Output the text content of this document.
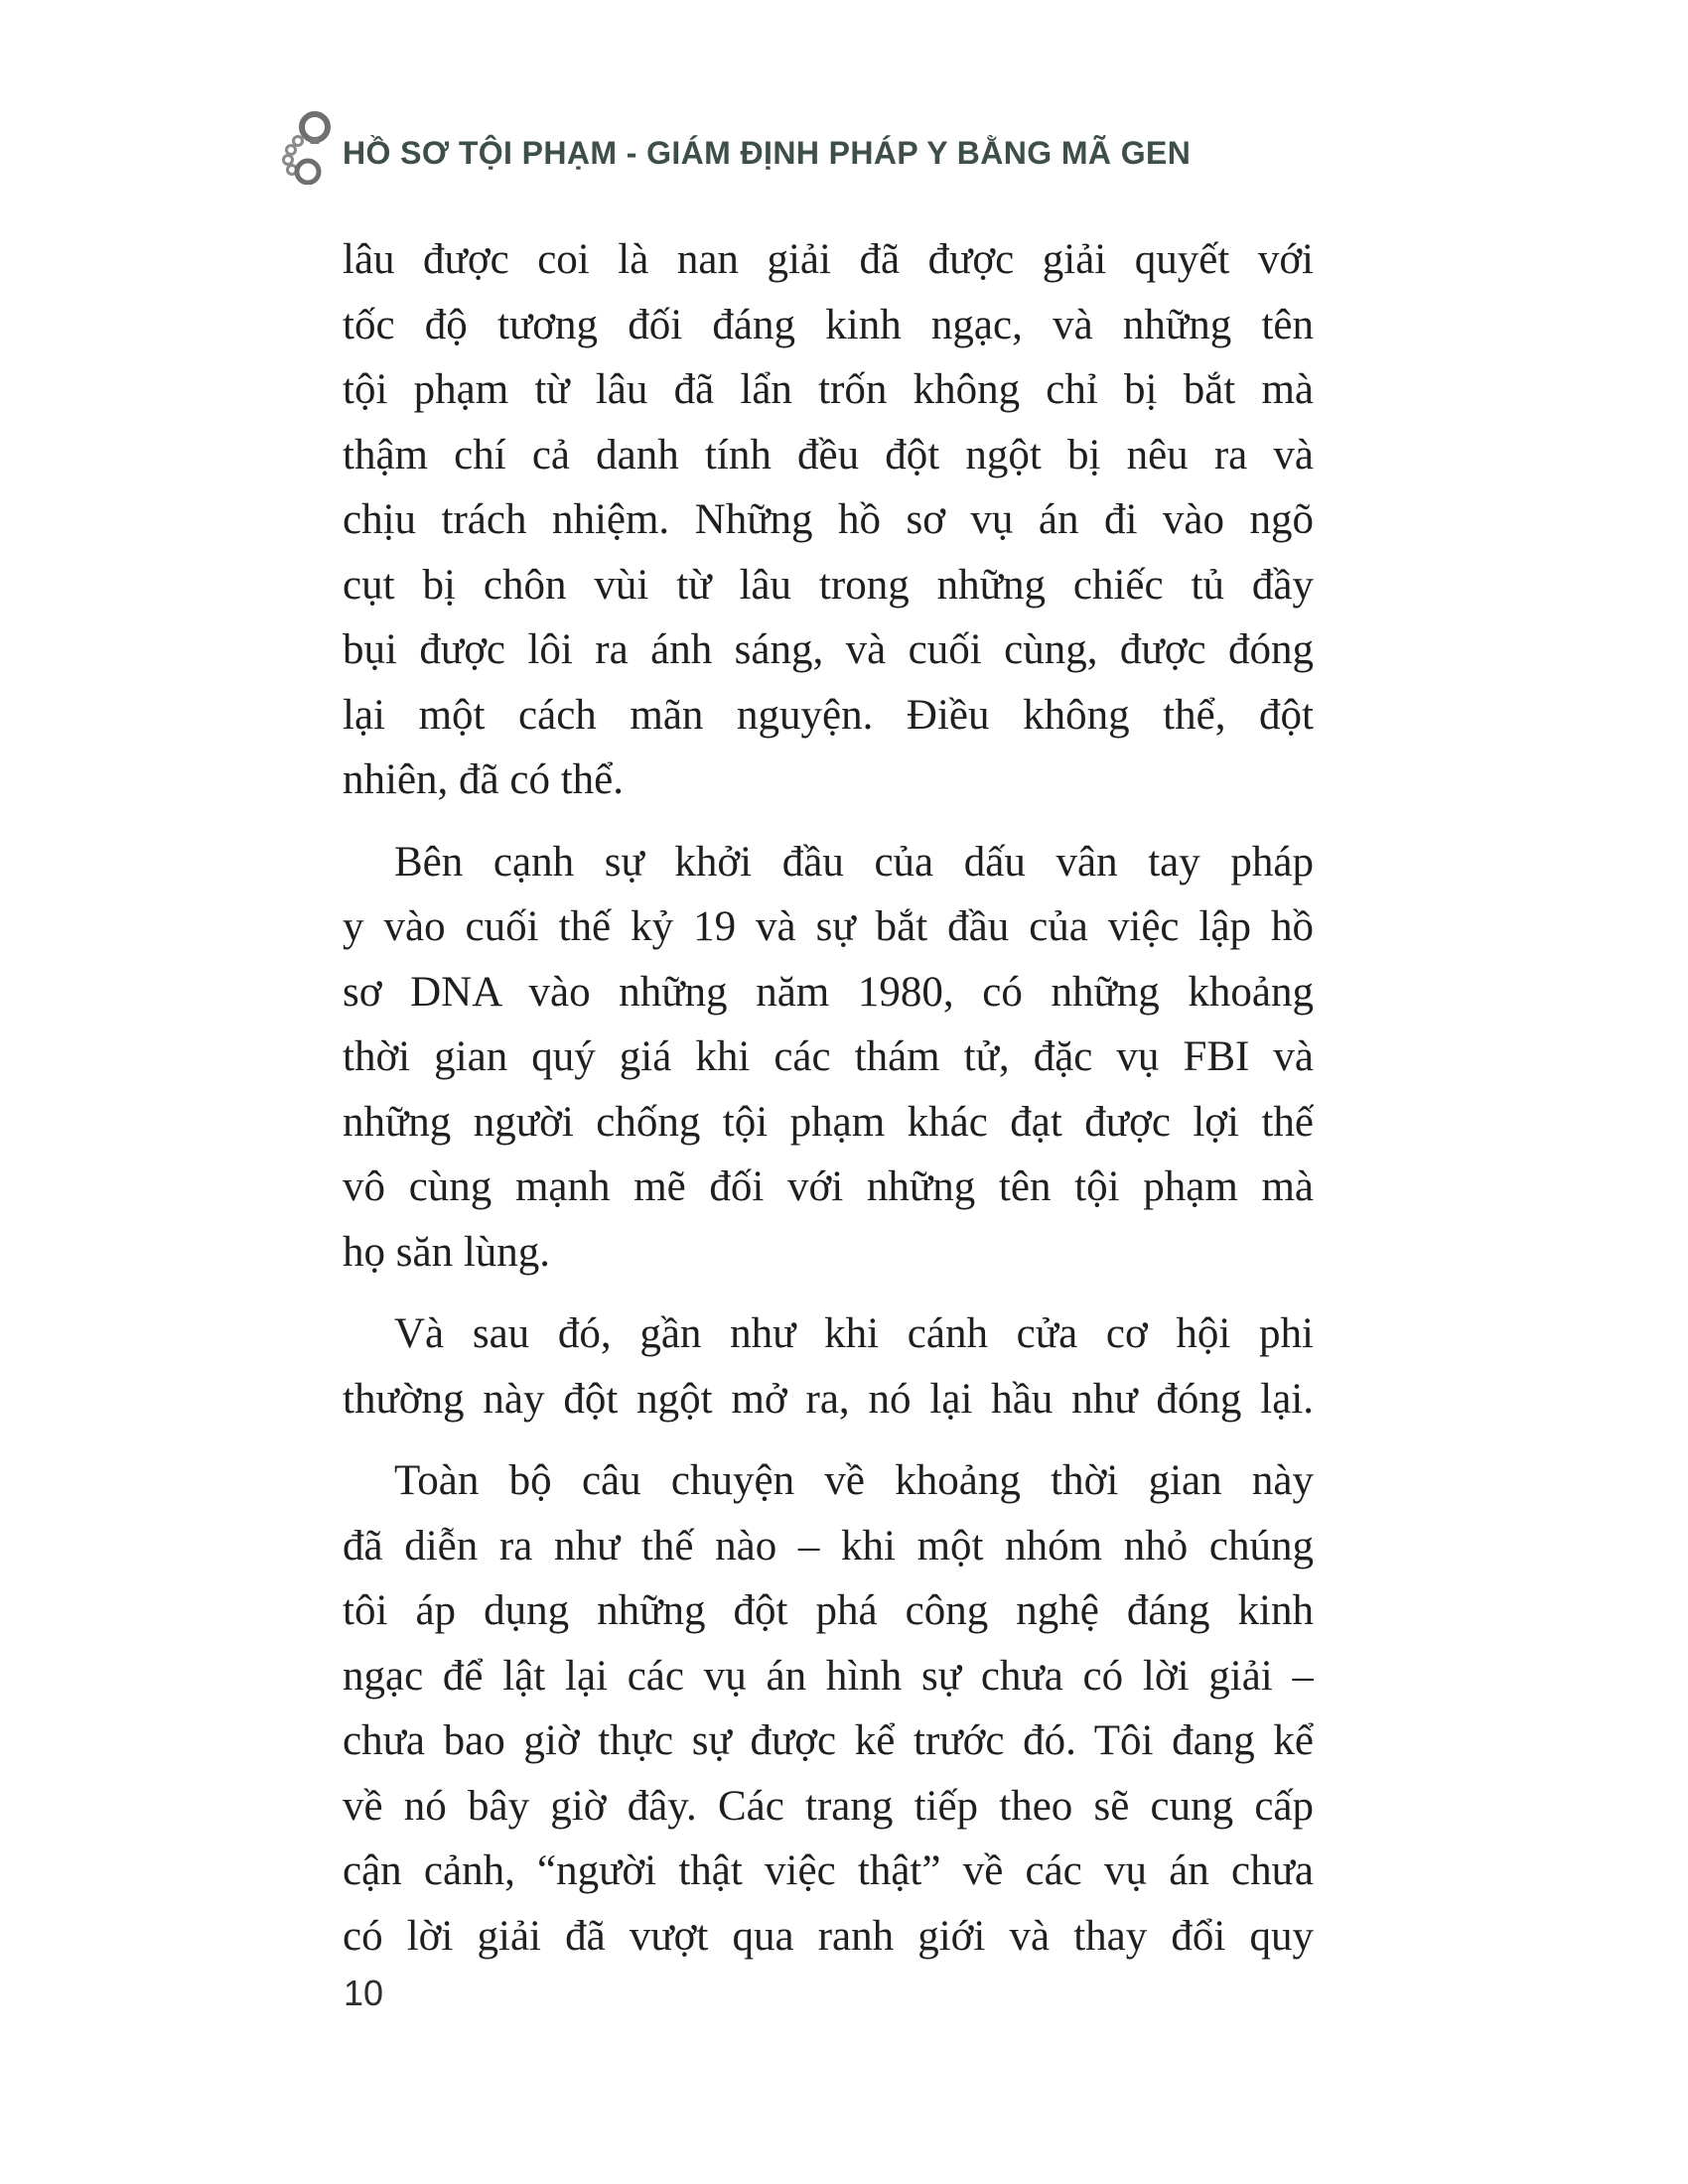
HỒ SƠ TỘI PHẠM - GIÁM ĐỊNH PHÁP Y BẰNG MÃ GEN
lâu được coi là nan giải đã được giải quyết với
tốc độ tương đối đáng kinh ngạc, và những tên
tội phạm từ lâu đã lẩn trốn không chỉ bị bắt mà
thậm chí cả danh tính đều đột ngột bị nêu ra và
chịu trách nhiệm. Những hồ sơ vụ án đi vào ngõ
cụt bị chôn vùi từ lâu trong những chiếc tủ đầy
bụi được lôi ra ánh sáng, và cuối cùng, được đóng
lại một cách mãn nguyện. Điều không thể, đột
nhiên, đã có thể.
Bên cạnh sự khởi đầu của dấu vân tay pháp
y vào cuối thế kỷ 19 và sự bắt đầu của việc lập hồ
sơ DNA vào những năm 1980, có những khoảng
thời gian quý giá khi các thám tử, đặc vụ FBI và
những người chống tội phạm khác đạt được lợi thế
vô cùng mạnh mẽ đối với những tên tội phạm mà
họ săn lùng.
Và sau đó, gần như khi cánh cửa cơ hội phi
thường này đột ngột mở ra, nó lại hầu như đóng lại.
Toàn bộ câu chuyện về khoảng thời gian này
đã diễn ra như thế nào – khi một nhóm nhỏ chúng
tôi áp dụng những đột phá công nghệ đáng kinh
ngạc để lật lại các vụ án hình sự chưa có lời giải –
chưa bao giờ thực sự được kể trước đó. Tôi đang kể
về nó bây giờ đây. Các trang tiếp theo sẽ cung cấp
cận cảnh, “người thật việc thật” về các vụ án chưa
có lời giải đã vượt qua ranh giới và thay đổi quy
10
